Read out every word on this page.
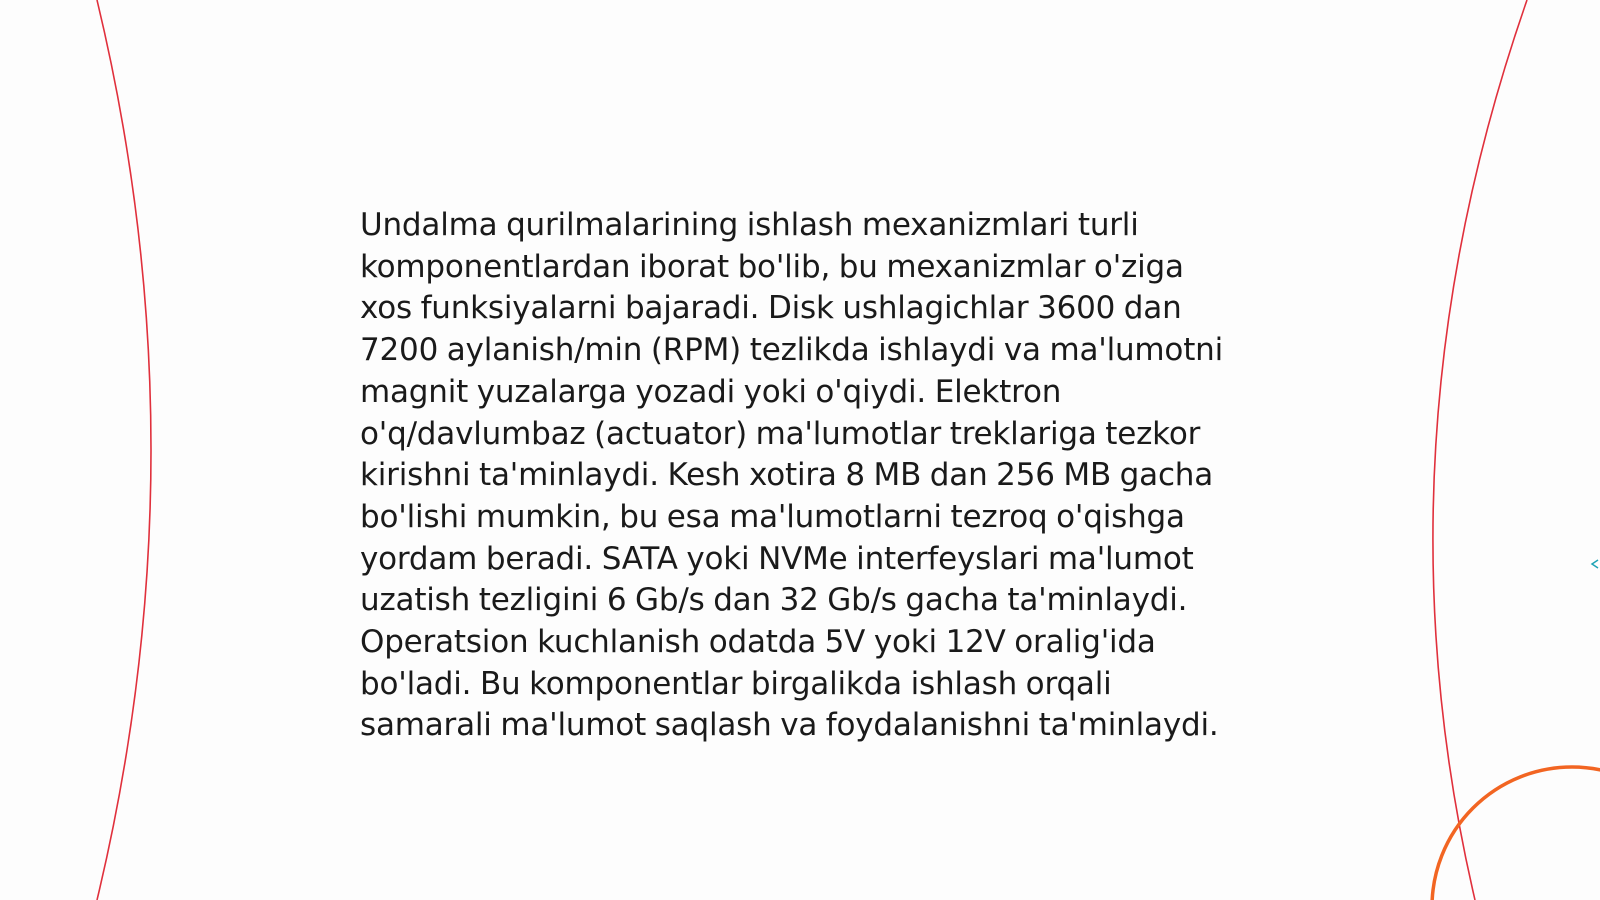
Undalma qurilmalarining ishlash mexanizmlari turli komponentlardan iborat bo'lib, bu mexanizmlar o'ziga xos funksiyalarni bajaradi. Disk ushlagichlar 3600 dan 7200 aylanish/min (RPM) tezlikda ishlaydi va ma'lumotni magnit yuzalarga yozadi yoki o'qiydi. Elektron o'q/davlumbaz (actuator) ma'lumotlar treklariga tezkor kirishni ta'minlaydi. Kesh xotira 8 MB dan 256 MB gacha bo'lishi mumkin, bu esa ma'lumotlarni tezroq o'qishga yordam beradi. SATA yoki NVMe interfeyslari ma'lumot uzatish tezligini 6 Gb/s dan 32 Gb/s gacha ta'minlaydi. Operatsion kuchlanish odatda 5V yoki 12V oralig'ida bo'ladi. Bu komponentlar birgalikda ishlash orqali samarali ma'lumot saqlash va foydalanishni ta'minlaydi.
